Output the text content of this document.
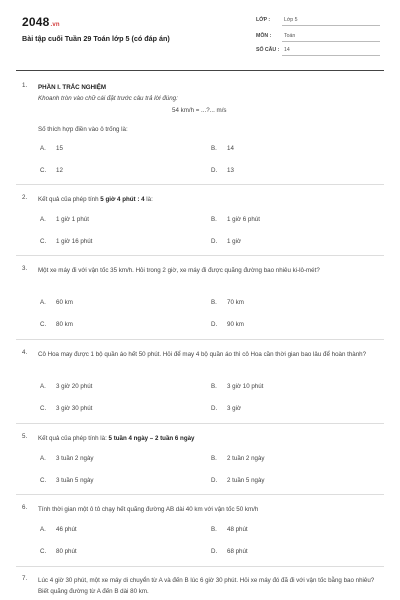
2048.vn
Bài tập cuối Tuần 29 Toán lớp 5 (có đáp án)
LỚP :	Lớp 5
MÔN : Toán
SỐ CÂU : 14
1. PHẦN I. TRẮC NGHIỆM
Khoanh tròn vào chữ cái đặt trước câu trả lời đúng:
54 km/h = ...?... m/s
Số thích hợp điền vào ô trống là:
A. 15	B. 14
C. 12	D. 13
2. Kết quả của phép tính 5 giờ 4 phút : 4 là:
A. 1 giờ 1 phút	B. 1 giờ 6 phút
C. 1 giờ 16 phút	D. 1 giờ
3. Một xe máy đi với vận tốc 35 km/h. Hỏi trong 2 giờ, xe máy đi được quãng đường bao nhiêu ki-lô-mét?
A. 60 km	B. 70 km
C. 80 km	D. 90 km
4. Cô Hoa may được 1 bộ quần áo hết 50 phút. Hỏi để may 4 bộ quần áo thì cô Hoa cần thời gian bao lâu để hoàn thành?
A. 3 giờ 20 phút	B. 3 giờ 10 phút
C. 3 giờ 30 phút	D. 3 giờ
5. Kết quả của phép tính là: 5 tuần 4 ngày – 2 tuần 6 ngày
A. 3 tuần 2 ngày	B. 2 tuần 2 ngày
C. 3 tuần 5 ngày	D. 2 tuần 5 ngày
6. Tính thời gian một ô tô chạy hết quãng đường AB dài 40 km với vận tốc 50 km/h
A. 46 phút	B. 48 phút
C. 80 phút	D. 68 phút
7. Lúc 4 giờ 30 phút, một xe máy di chuyển từ A và đến B lúc 6 giờ 30 phút. Hỏi xe máy đó đã đi với vận tốc bằng bao nhiêu? Biết quãng đường từ A đến B dài 80 km.
